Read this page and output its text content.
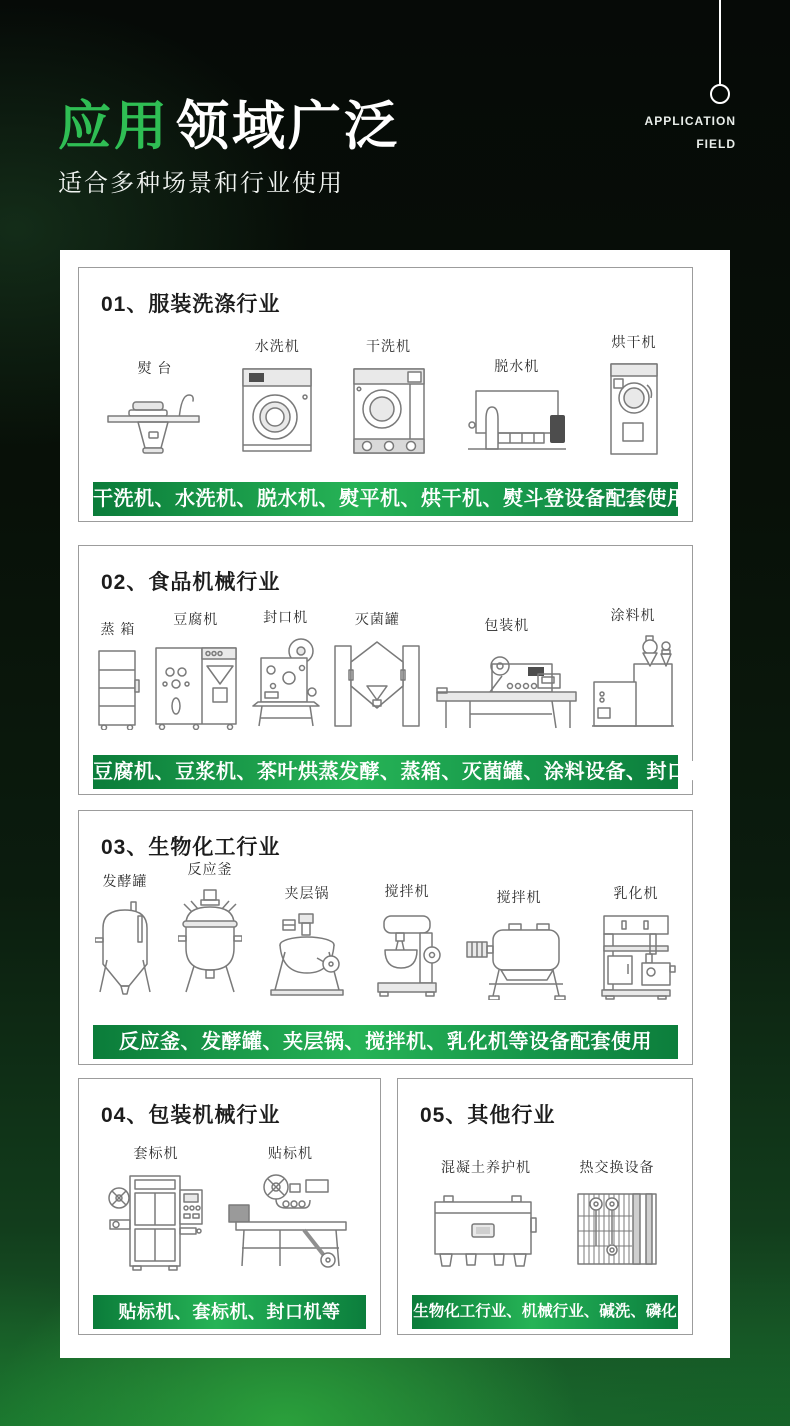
APPLICATION
FIELD
应用 领域广泛
适合多种场景和行业使用
01、服装洗涤行业
熨 台
水洗机	干洗机
脱水机
烘干机
干洗机、水洗机、脱水机、熨平机、烘干机、熨斗登设备配套使用
02、食品机械行业
蒸 箱
豆腐机	封口机	灭菌罐	包装机
涂料机
豆腐机、豆浆机、茶叶烘蒸发酵、蒸箱、灭菌罐、涂料设备、封口机等
03、生物化工行业
发酵罐
反应釜
夹层锅	搅拌机	搅拌机	乳化机
反应釜、发酵罐、夹层锅、搅拌机、乳化机等设备配套使用
04、包装机械行业
套标机	贴标机
贴标机、套标机、封口机等
05、其他行业
混凝土养护机	热交换设备
生物化工行业、机械行业、碱洗、磷化
